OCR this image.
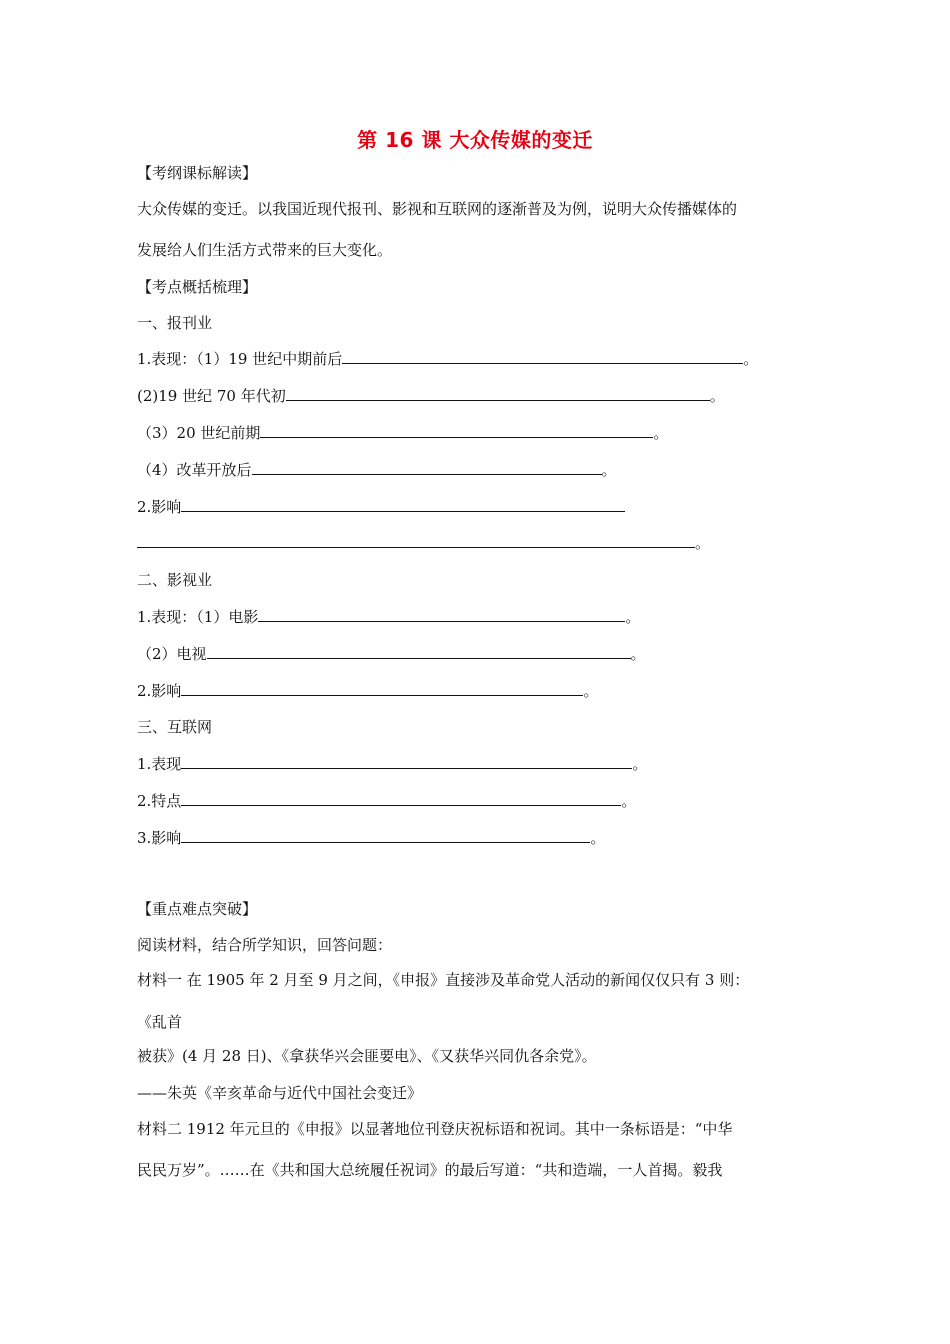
第 16 课 大众传媒的变迁
【考纲课标解读】
大众传媒的变迁。以我国近现代报刊、影视和互联网的逐渐普及为例，说明大众传播媒体的
发展给人们生活方式带来的巨大变化。
【考点概括梳理】
一、报刊业
1.表现：（1）19 世纪中期前后	。
(2)19 世纪 70 年代初	。
（3）20 世纪前期	。
（4）改革开放后	。
2.影响
。
二、影视业
1.表现：（1）电影	。
（2）电视	。
2.影响	。
三、互联网
1.表现	。
2.特点	。
3.影响	。
【重点难点突破】
阅读材料，结合所学知识，回答问题：
材料一 在 1905 年 2 月至 9 月之间，《申报》直接涉及革命党人活动的新闻仅仅只有 3 则：
《乱首
被获》(4 月 28 日)、《拿获华兴会匪要电》、《又获华兴同仇各余党》。
——朱英《辛亥革命与近代中国社会变迁》
材料二 1912 年元旦的《申报》以显著地位刊登庆祝标语和祝词。其中一条标语是：“中华
民民万岁”。……在《共和国大总统履任祝词》的最后写道：“共和造端，一人首揭。毅我
